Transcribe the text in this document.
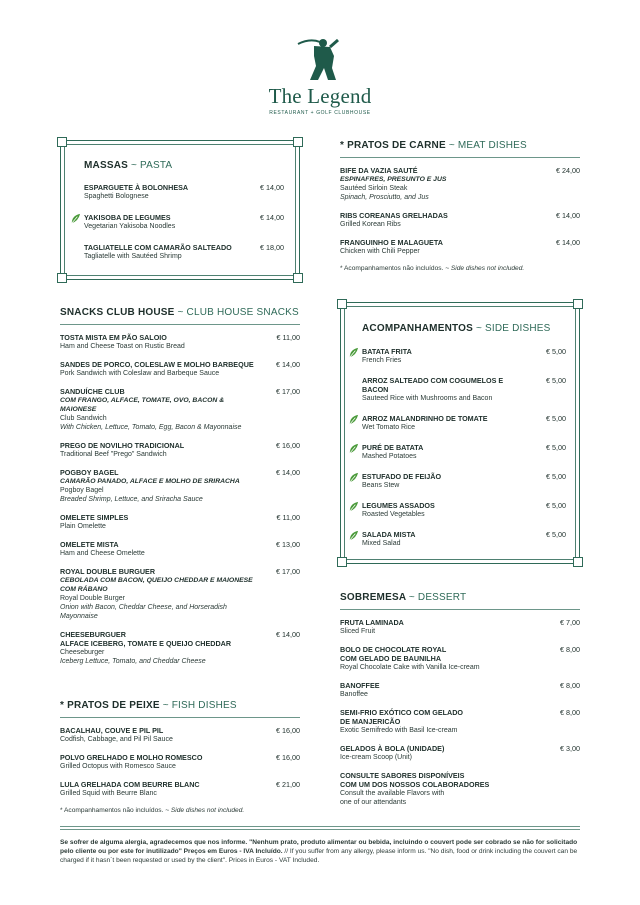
The Legend
RESTAURANT + GOLF CLUBHOUSE
MASSAS ~ PASTA
ESPARGUETE À BOLONHESA
Spaghetti Bolognese
€ 14,00
YAKISOBA DE LEGUMES
Vegetarian Yakisoba Noodles
€ 14,00
TAGLIATELLE COM CAMARÃO SALTEADO
Tagliatelle with Sautéed Shrimp
€ 18,00
* PRATOS DE CARNE ~ MEAT DISHES
BIFE DA VAZIA SAUTÉ
ESPINAFRES, PRESUNTO E JUS
Sautéed Sirloin Steak
Spinach, Prosciutto, and Jus
€ 24,00
RIBS COREANAS GRELHADAS
Grilled Korean Ribs
€ 14,00
FRANGUINHO E MALAGUETA
Chicken with Chili Pepper
€ 14,00
* Acompanhamentos não incluídos. ~ Side dishes not included.
SNACKS CLUB HOUSE ~ CLUB HOUSE SNACKS
TOSTA MISTA EM PÃO SALOIO
Ham and Cheese Toast on Rustic Bread
€ 11,00
SANDES DE PORCO, COLESLAW E MOLHO BARBEQUE
Pork Sandwich with Coleslaw and Barbeque Sauce
€ 14,00
SANDUÍCHE CLUB
COM FRANGO, ALFACE, TOMATE, OVO, BACON & MAIONESE
Club Sandwich
With Chicken, Lettuce, Tomato, Egg, Bacon & Mayonnaise
€ 17,00
PREGO DE NOVILHO TRADICIONAL
Traditional Beef "Prego" Sandwich
€ 16,00
POGBOY BAGEL
CAMARÃO PANADO, ALFACE E MOLHO DE SRIRACHA
Pogboy Bagel
Breaded Shrimp, Lettuce, and Sriracha Sauce
€ 14,00
OMELETE SIMPLES
Plain Omelette
€ 11,00
OMELETE MISTA
Ham and Cheese Omelette
€ 13,00
ROYAL DOUBLE BURGUER
CEBOLADA COM BACON, QUEIJO CHEDDAR E MAIONESE COM RÁBANO
Royal Double Burger
Onion with Bacon, Cheddar Cheese, and Horseradish Mayonnaise
€ 17,00
CHEESEBURGUER
ALFACE ICEBERG, TOMATE E QUEIJO CHEDDAR
Cheeseburger
Iceberg Lettuce, Tomato, and Cheddar Cheese
€ 14,00
ACOMPANHAMENTOS ~ SIDE DISHES
BATATA FRITA
French Fries
€ 5,00
ARROZ SALTEADO COM COGUMELOS E BACON
Sauteed Rice with Mushrooms and Bacon
€ 5,00
ARROZ MALANDRINHO DE TOMATE
Wet Tomato Rice
€ 5,00
PURÉ DE BATATA
Mashed Potatoes
€ 5,00
ESTUFADO DE FEIJÃO
Beans Stew
€ 5,00
LEGUMES ASSADOS
Roasted Vegetables
€ 5,00
SALADA MISTA
Mixed Salad
€ 5,00
SOBREMESA ~ DESSERT
FRUTA LAMINADA
Sliced Fruit
€ 7,00
BOLO DE CHOCOLATE ROYAL
COM GELADO DE BAUNILHA
Royal Chocolate Cake with Vanilla Ice-cream
€ 8,00
BANOFFEE
Banoffee
€ 8,00
SEMI-FRIO EXÓTICO COM GELADO
DE MANJERICÃO
Exotic Semifredo with Basil Ice-cream
€ 8,00
GELADOS À BOLA (UNIDADE)
Ice-cream Scoop (Unit)
€ 3,00
CONSULTE SABORES DISPONÍVEIS
COM UM DOS NOSSOS COLABORADORES
Consult the available Flavors with
one of our attendants
* PRATOS DE PEIXE ~ FISH DISHES
BACALHAU, COUVE E PIL PIL
Codfish, Cabbage, and Pil Pil Sauce
€ 16,00
POLVO GRELHADO E MOLHO ROMESCO
Grilled Octopus with Romesco Sauce
€ 16,00
LULA GRELHADA COM BEURRE BLANC
Grilled Squid with Beurre Blanc
€ 21,00
* Acompanhamentos não incluídos. ~ Side dishes not included.

Se sofrer de alguma alergia, agradecemos que nos informe. "Nenhum prato, produto alimentar ou bebida, incluindo o couvert pode ser cobrado se não for solicitado pelo cliente ou por este for inutilizado" Preços em Euros - IVA Incluído. // If you suffer from any allergy, please inform us. "No dish, food or drink including the couvert can be charged if it hasn´t been requested or used by the client". Prices in Euros - VAT Included.
